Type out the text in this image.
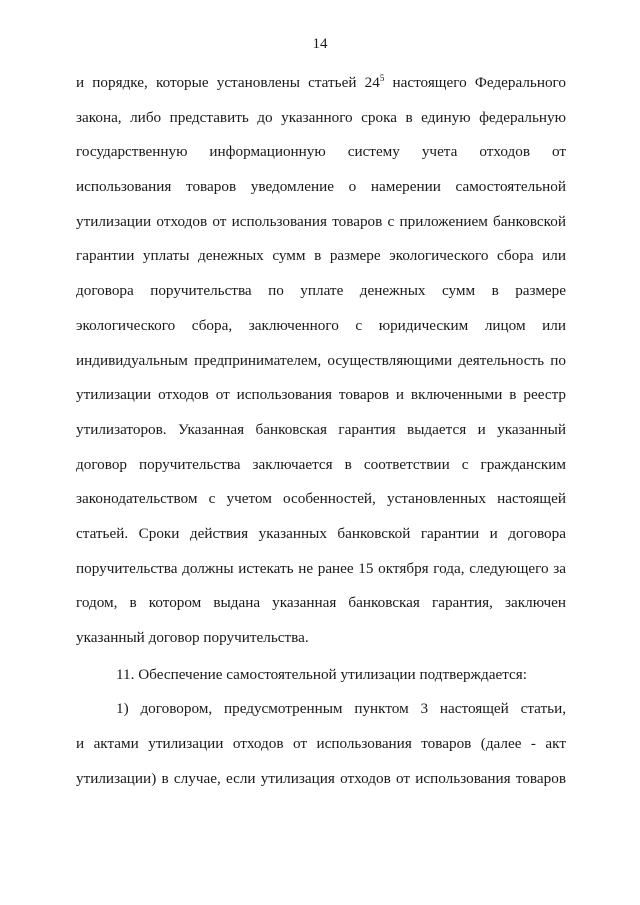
14
и порядке, которые установлены статьей $24^5$ настоящего Федерального
закона, либо представить до указанного срока в единую федеральную
государственную информационную систему учета отходов от
использования товаров уведомление о намерении самостоятельной
утилизации отходов от использования товаров с приложением банковской
гарантии уплаты денежных сумм в размере экологического сбора или
договора поручительства по уплате денежных сумм в размере
экологического сбора, заключенного с юридическим лицом или
индивидуальным предпринимателем, осуществляющими деятельность по
утилизации отходов от использования товаров и включенными в реестр
утилизаторов. Указанная банковская гарантия выдается и указанный
договор поручительства заключается в соответствии с гражданским
законодательством с учетом особенностей, установленных настоящей
статьей. Сроки действия указанных банковской гарантии и договора
поручительства должны истекать не ранее 15 октября года, следующего за
годом, в котором выдана указанная банковская гарантия, заключен
указанный договор поручительства.
11. Обеспечение самостоятельной утилизации подтверждается:
1) договором, предусмотренным пунктом 3 настоящей статьи,
и актами утилизации отходов от использования товаров (далее - акт
утилизации) в случае, если утилизация отходов от использования товаров
